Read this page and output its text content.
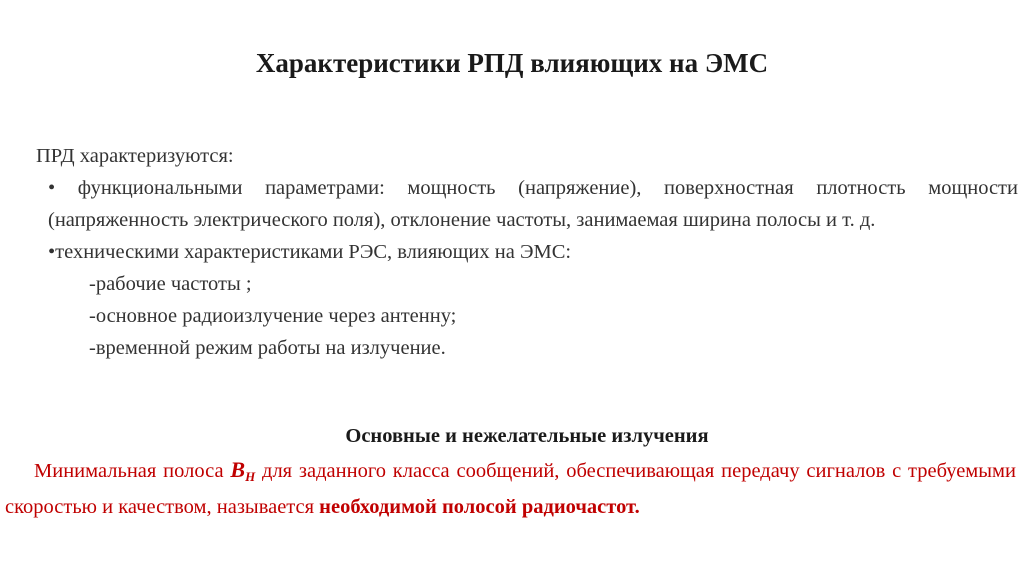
Характеристики РПД влияющих на ЭМС
ПРД характеризуются:
• функциональными параметрами: мощность (напряжение), поверхностная плотность мощности (напряженность электрического поля), отклонение частоты, занимаемая ширина полосы и т. д.
•техническими характеристиками РЭС, влияющих на ЭМС:
-рабочие частоты ;
-основное радиоизлучение через антенну;
-временной режим работы на излучение.
Основные и нежелательные излучения
Минимальная полоса $B_H$ для заданного класса сообщений, обеспечивающая передачу сигналов с требуемыми скоростью и качеством, называется необходимой полосой радиочастот.
